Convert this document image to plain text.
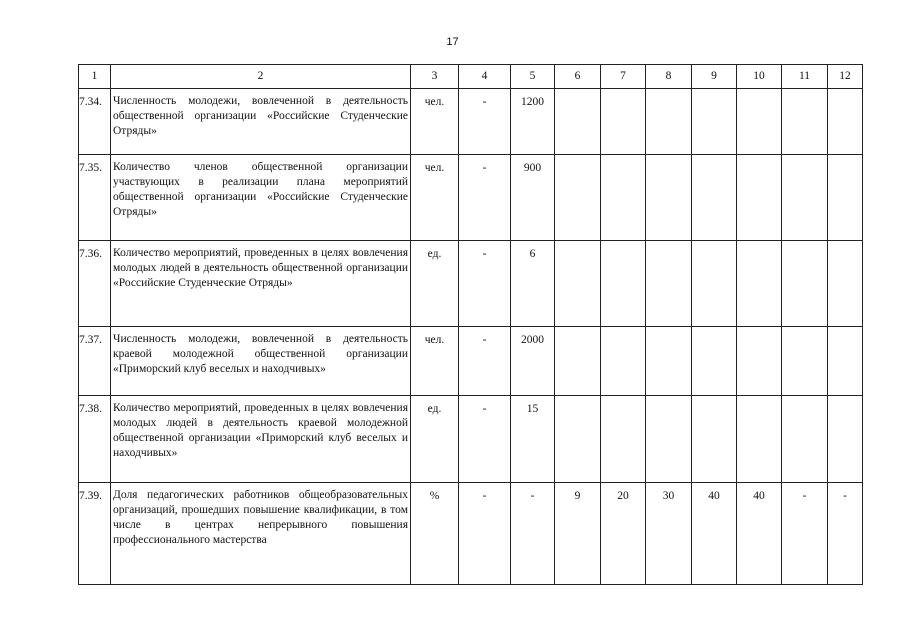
17
1	2	3	4	5	6	7	8	9	10	11	12
7.34.	Численность молодежи, вовлеченной в деятельность общественной организации «Российские Студенческие Отряды»	чел.	-	1200							
7.35.	Количество членов общественной организации участвующих в реализации плана мероприятий общественной организации «Российские Студенческие Отряды»	чел.	-	900							
7.36.	Количество мероприятий, проведенных в целях вовлечения молодых людей в деятельность общественной организации «Российские Студенческие Отряды»	ед.	-	6							
7.37.	Численность молодежи, вовлеченной в деятельность краевой молодежной общественной организации «Приморский клуб веселых и находчивых»	чел.	-	2000							
7.38.	Количество мероприятий, проведенных в целях вовлечения молодых людей в деятельность краевой молодежной общественной организации «Приморский клуб веселых и находчивых»	ед.	-	15							
7.39.	Доля педагогических работников общеобразовательных организаций, прошедших повышение квалификации, в том числе в центрах непрерывного повышения профессионального мастерства	%	-	-	9	20	30	40	40	-	-
